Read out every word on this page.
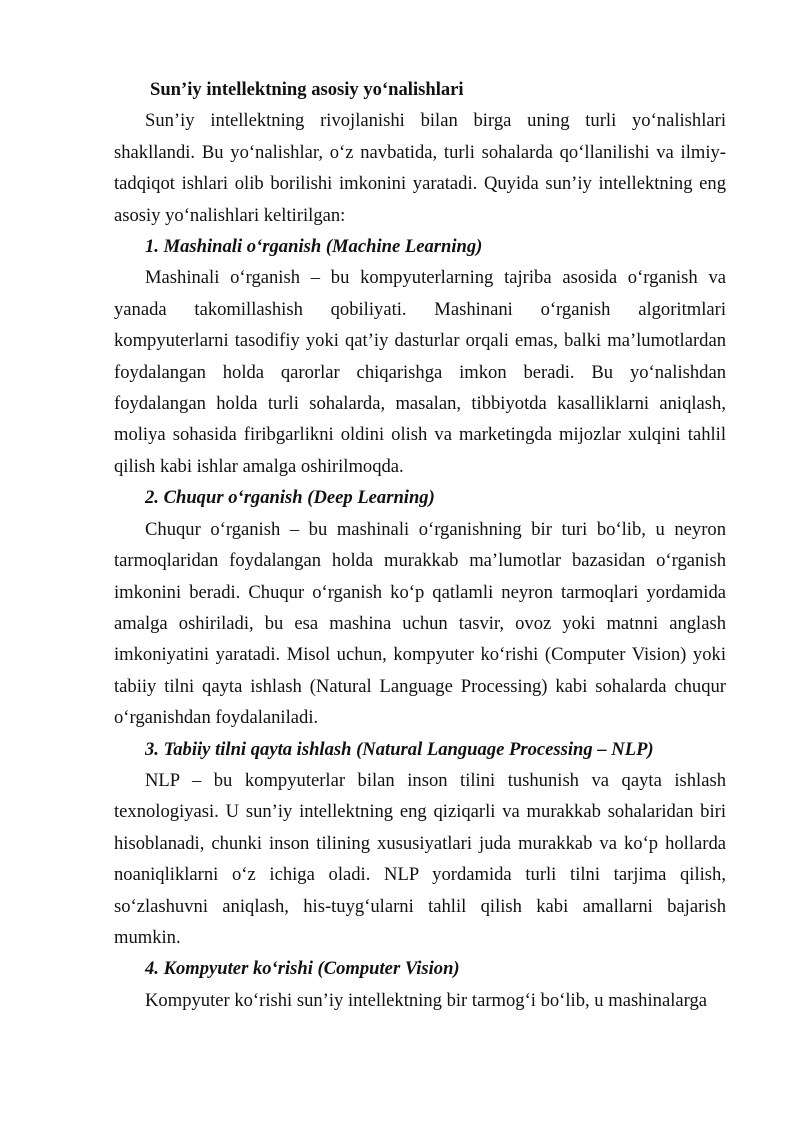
Sun’iy intellektning asosiy yo‘nalishlari

Sun’iy intellektning rivojlanishi bilan birga uning turli yo‘nalishlari shakllandi. Bu yo‘nalishlar, o‘z navbatida, turli sohalarda qo‘llanilishi va ilmiy-tadqiqot ishlari olib borilishi imkonini yaratadi. Quyida sun’iy intellektning eng asosiy yo‘nalishlari keltirilgan:

1. Mashinali o‘rganish (Machine Learning)

Mashinali o‘rganish – bu kompyuterlarning tajriba asosida o‘rganish va yanada takomillashish qobiliyati. Mashinani o‘rganish algoritmlari kompyuterlarni tasodifiy yoki qat’iy dasturlar orqali emas, balki ma’lumotlardan foydalangan holda qarorlar chiqarishga imkon beradi. Bu yo‘nalishdan foydalangan holda turli sohalarda, masalan, tibbiyotda kasalliklarni aniqlash, moliya sohasida firibgarlikni oldini olish va marketingda mijozlar xulqini tahlil qilish kabi ishlar amalga oshirilmoqda.

2. Chuqur o‘rganish (Deep Learning)

Chuqur o‘rganish – bu mashinali o‘rganishning bir turi bo‘lib, u neyron tarmoqlaridan foydalangan holda murakkab ma’lumotlar bazasidan o‘rganish imkonini beradi. Chuqur o‘rganish ko‘p qatlamli neyron tarmoqlari yordamida amalga oshiriladi, bu esa mashina uchun tasvir, ovoz yoki matnni anglash imkoniyatini yaratadi. Misol uchun, kompyuter ko‘rishi (Computer Vision) yoki tabiiy tilni qayta ishlash (Natural Language Processing) kabi sohalarda chuqur o‘rganishdan foydalaniladi.

3. Tabiiy tilni qayta ishlash (Natural Language Processing – NLP)

NLP – bu kompyuterlar bilan inson tilini tushunish va qayta ishlash texnologiyasi. U sun’iy intellektning eng qiziqarli va murakkab sohalaridan biri hisoblanadi, chunki inson tilining xususiyatlari juda murakkab va ko‘p hollarda noaniqliklarni o‘z ichiga oladi. NLP yordamida turli tilni tarjima qilish, so‘zlashuvni aniqlash, his-tuyg‘ularni tahlil qilish kabi amallarni bajarish mumkin.

4. Kompyuter ko‘rishi (Computer Vision)

Kompyuter ko‘rishi sun’iy intellektning bir tarmog‘i bo‘lib, u mashinalarga
